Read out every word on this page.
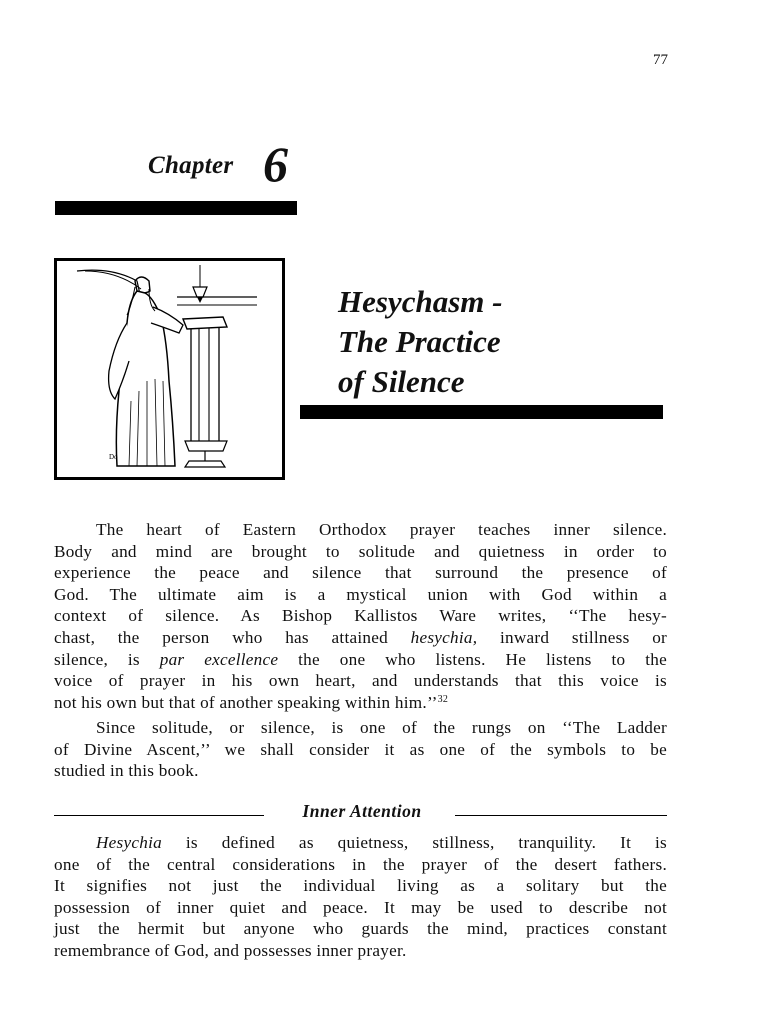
77
Chapter 6
Do
Hesychasm -
The Practice
of Silence
The heart of Eastern Orthodox prayer teaches inner silence.
Body and mind are brought to solitude and quietness in order to
experience the peace and silence that surround the presence of
God. The ultimate aim is a mystical union with God within a
context of silence. As Bishop Kallistos Ware writes, ‘‘The hesy-
chast, the person who has attained hesychia, inward stillness or
silence, is par excellence the one who listens. He listens to the
voice of prayer in his own heart, and understands that this voice is
not his own but that of another speaking within him.’’$^{32}$
Since solitude, or silence, is one of the rungs on ‘‘The Ladder
of Divine Ascent,’’ we shall consider it as one of the symbols to be
studied in this book.
Inner Attention
Hesychia is defined as quietness, stillness, tranquility. It is
one of the central considerations in the prayer of the desert fathers.
It signifies not just the individual living as a solitary but the
possession of inner quiet and peace. It may be used to describe not
just the hermit but anyone who guards the mind, practices constant
remembrance of God, and possesses inner prayer.
